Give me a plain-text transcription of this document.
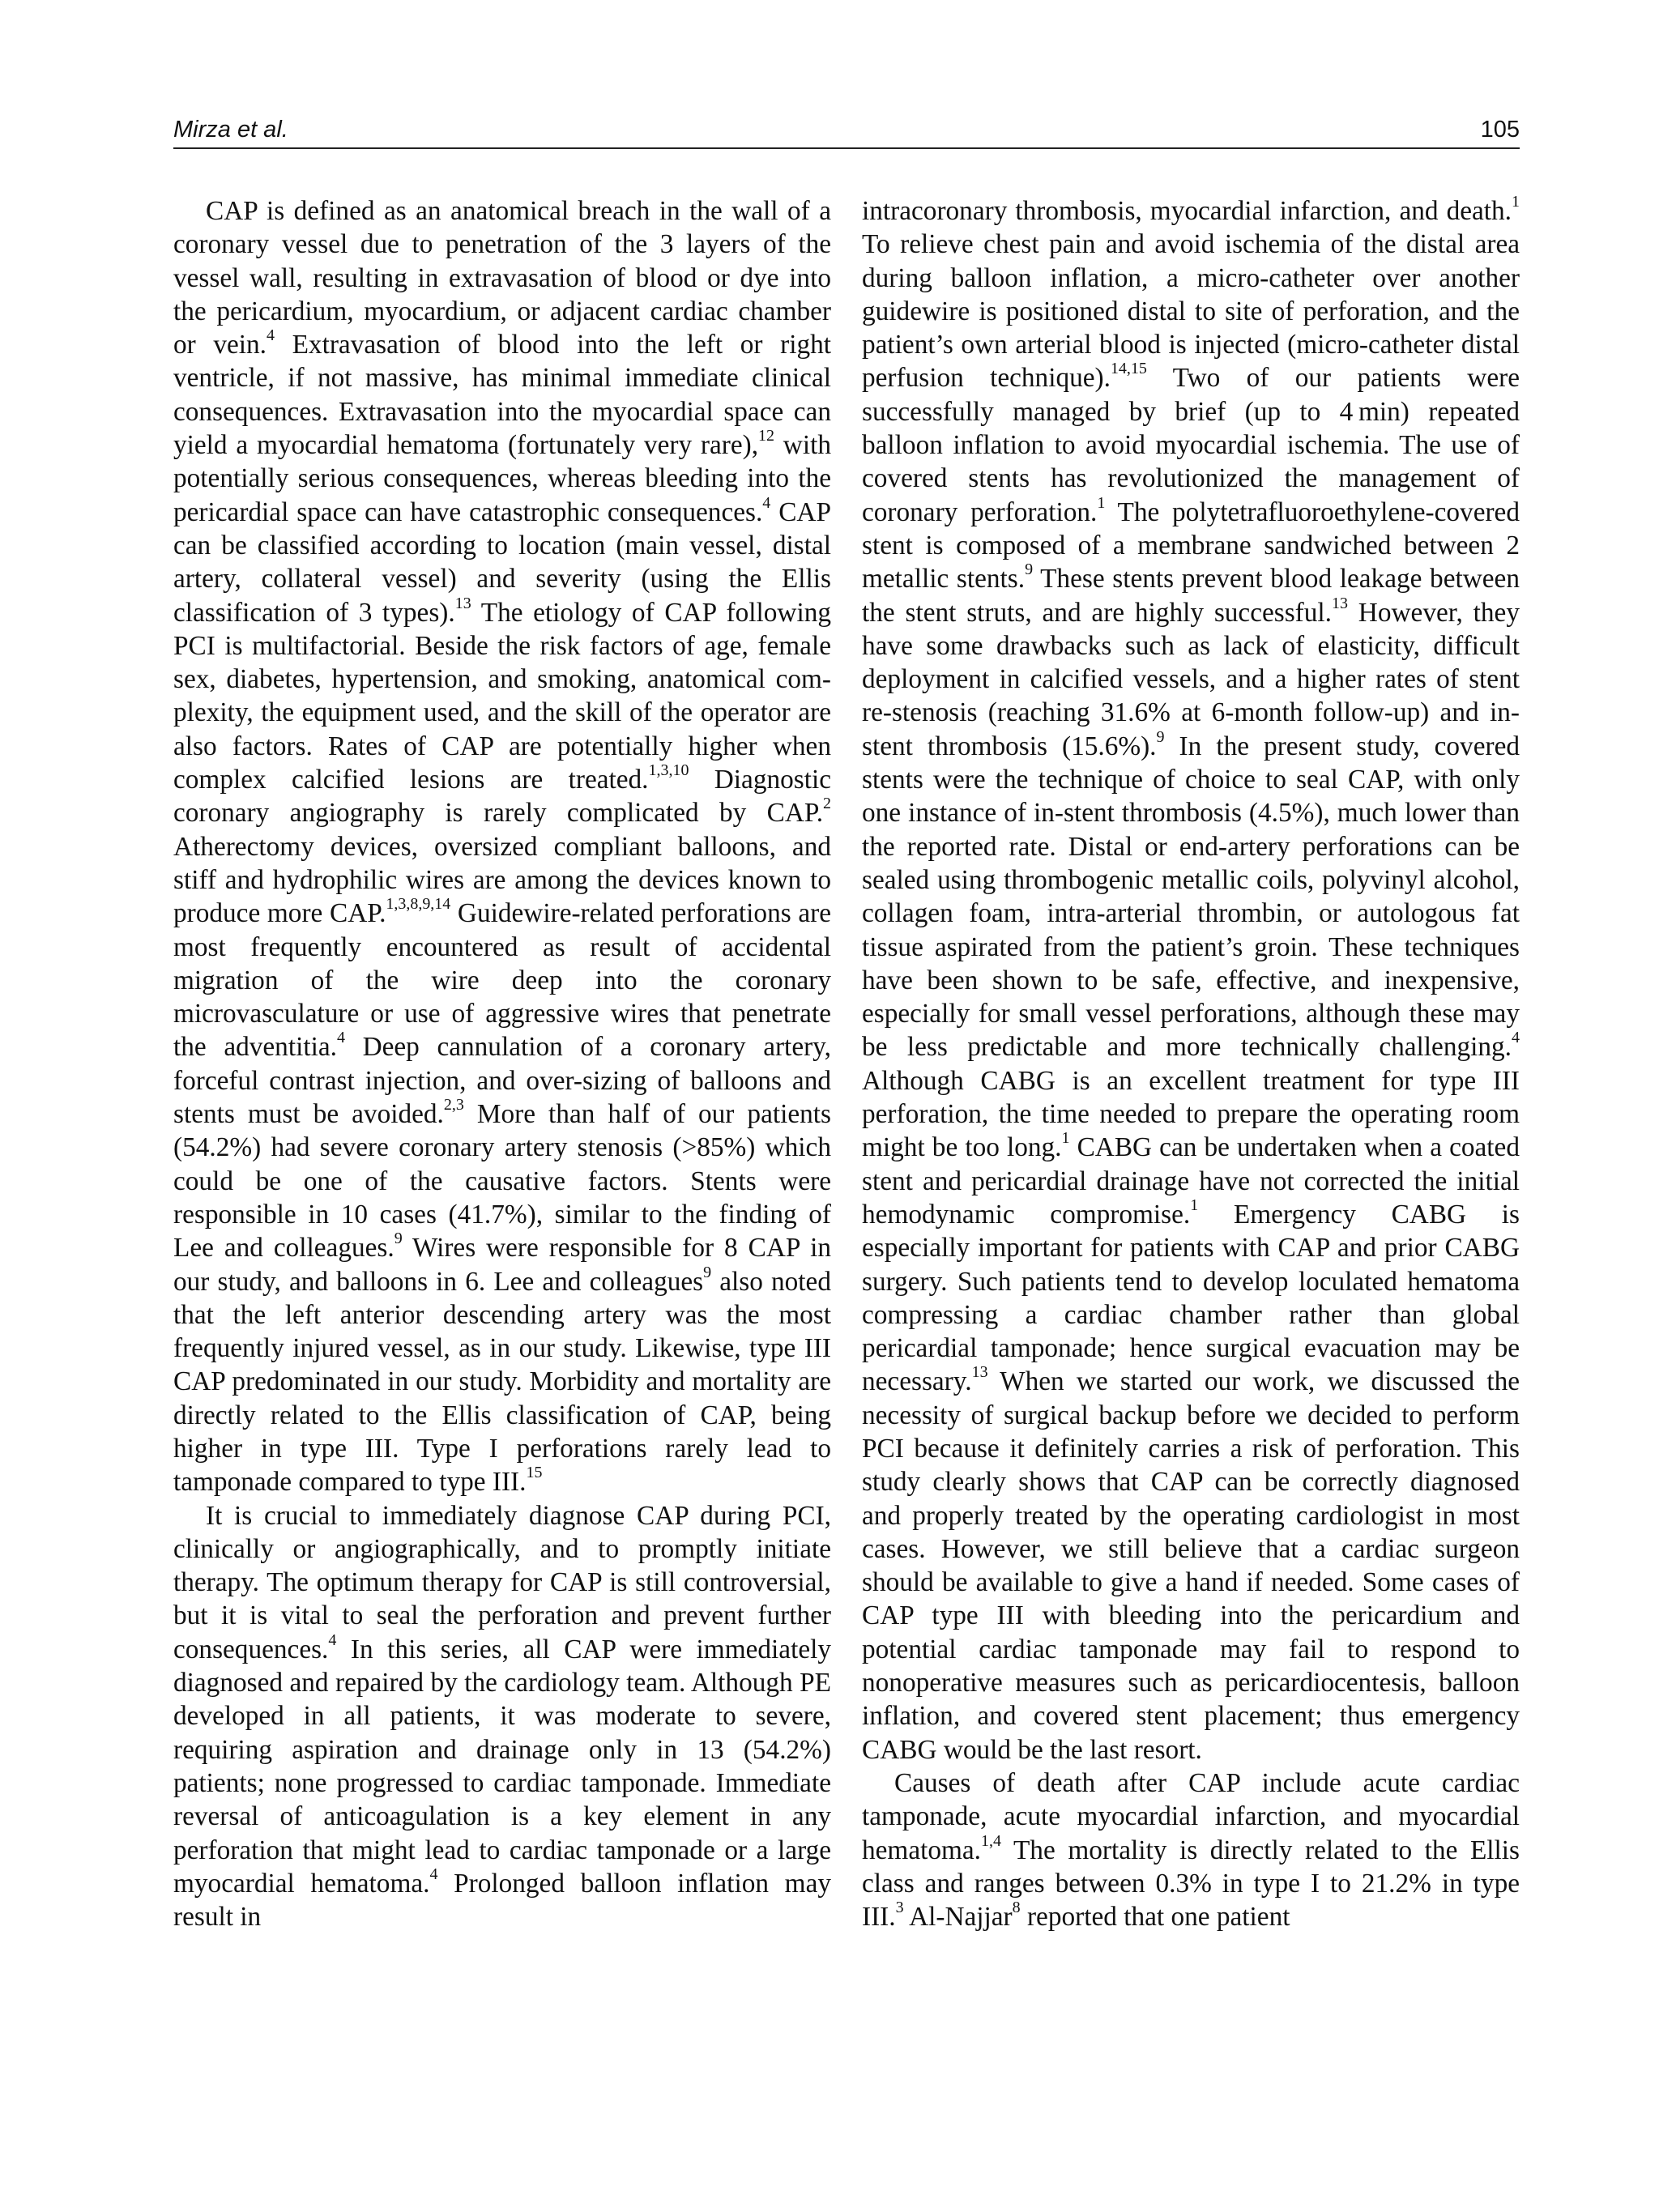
Mirza et al.	105

CAP is defined as an anatomical breach in the wall of a coronary vessel due to penetration of the 3 layers of the vessel wall, resulting in extravasation of blood or dye into the pericardium, myocardium, or adjacent cardiac chamber or vein.$^4$ Extravasation of blood into the left or right ventricle, if not massive, has minimal immediate clinical consequences. Extravasation into the myocardial space can yield a myocardial hematoma (fortunately very rare),$^{12}$ with potentially serious consequences, whereas bleeding into the pericardial space can have catastrophic consequences.$^4$ CAP can be classified according to location (main vessel, distal artery, collateral vessel) and severity (using the Ellis classification of 3 types).$^{13}$ The etiology of CAP following PCI is multifactorial. Beside the risk factors of age, female sex, diabetes, hypertension, and smoking, anatomical complexity, the equipment used, and the skill of the operator are also factors. Rates of CAP are potentially higher when complex calcified lesions are treated.$^{1,3,10}$ Diagnostic coronary angiography is rarely complicated by CAP.$^2$ Atherectomy devices, oversized compliant balloons, and stiff and hydrophilic wires are among the devices known to produce more CAP.$^{1,3,8,9,14}$ Guidewire-related perforations are most frequently encountered as result of accidental migration of the wire deep into the coronary microvasculature or use of aggressive wires that penetrate the adventitia.$^4$ Deep cannulation of a coronary artery, forceful contrast injection, and over-sizing of balloons and stents must be avoided.$^{2,3}$ More than half of our patients (54.2%) had severe coronary artery stenosis (>85%) which could be one of the causative factors. Stents were responsible in 10 cases (41.7%), similar to the finding of Lee and colleagues.$^9$ Wires were responsible for 8 CAP in our study, and balloons in 6. Lee and colleagues$^9$ also noted that the left anterior descending artery was the most frequently injured vessel, as in our study. Likewise, type III CAP predominated in our study. Morbidity and mortality are directly related to the Ellis classification of CAP, being higher in type III. Type I perforations rarely lead to tamponade compared to type III.$^{15}$

It is crucial to immediately diagnose CAP during PCI, clinically or angiographically, and to promptly initiate therapy. The optimum therapy for CAP is still controversial, but it is vital to seal the perforation and prevent further consequences.$^4$ In this series, all CAP were immediately diagnosed and repaired by the cardiology team. Although PE developed in all patients, it was moderate to severe, requiring aspiration and drainage only in 13 (54.2%) patients; none progressed to cardiac tamponade. Immediate reversal of anticoagulation is a key element in any perforation that might lead to cardiac tamponade or a large myocardial hematoma.$^4$ Prolonged balloon inflation may result in

intracoronary thrombosis, myocardial infarction, and death.$^1$ To relieve chest pain and avoid ischemia of the distal area during balloon inflation, a micro-catheter over another guidewire is positioned distal to site of perforation, and the patient’s own arterial blood is injected (micro-catheter distal perfusion technique).$^{14,15}$ Two of our patients were successfully managed by brief (up to 4 min) repeated balloon inflation to avoid myocardial ischemia. The use of covered stents has revolutionized the management of coronary perforation.$^1$ The polytetrafluoroethylene-covered stent is composed of a membrane sandwiched between 2 metallic stents.$^9$ These stents prevent blood leakage between the stent struts, and are highly successful.$^{13}$ However, they have some drawbacks such as lack of elasticity, difficult deployment in calcified vessels, and a higher rates of stent re-stenosis (reaching 31.6% at 6-month follow-up) and in-stent thrombosis (15.6%).$^9$ In the present study, covered stents were the technique of choice to seal CAP, with only one instance of in-stent thrombosis (4.5%), much lower than the reported rate. Distal or end-artery perforations can be sealed using thrombogenic metallic coils, polyvinyl alcohol, collagen foam, intra-arterial thrombin, or autologous fat tissue aspirated from the patient’s groin. These techniques have been shown to be safe, effective, and inexpensive, especially for small vessel perforations, although these may be less predictable and more technically challenging.$^4$ Although CABG is an excellent treatment for type III perforation, the time needed to prepare the operating room might be too long.$^1$ CABG can be undertaken when a coated stent and pericardial drainage have not corrected the initial hemodynamic compromise.$^1$ Emergency CABG is especially important for patients with CAP and prior CABG surgery. Such patients tend to develop loculated hematoma compressing a cardiac chamber rather than global pericardial tamponade; hence surgical evacuation may be necessary.$^{13}$ When we started our work, we discussed the necessity of surgical backup before we decided to perform PCI because it definitely carries a risk of perforation. This study clearly shows that CAP can be correctly diagnosed and properly treated by the operating cardiologist in most cases. However, we still believe that a cardiac surgeon should be available to give a hand if needed. Some cases of CAP type III with bleeding into the pericardium and potential cardiac tamponade may fail to respond to nonoperative measures such as pericardiocentesis, balloon inflation, and covered stent placement; thus emergency CABG would be the last resort.

Causes of death after CAP include acute cardiac tamponade, acute myocardial infarction, and myocardial hematoma.$^{1,4}$ The mortality is directly related to the Ellis class and ranges between 0.3% in type I to 21.2% in type III.$^3$ Al-Najjar$^8$ reported that one patient
